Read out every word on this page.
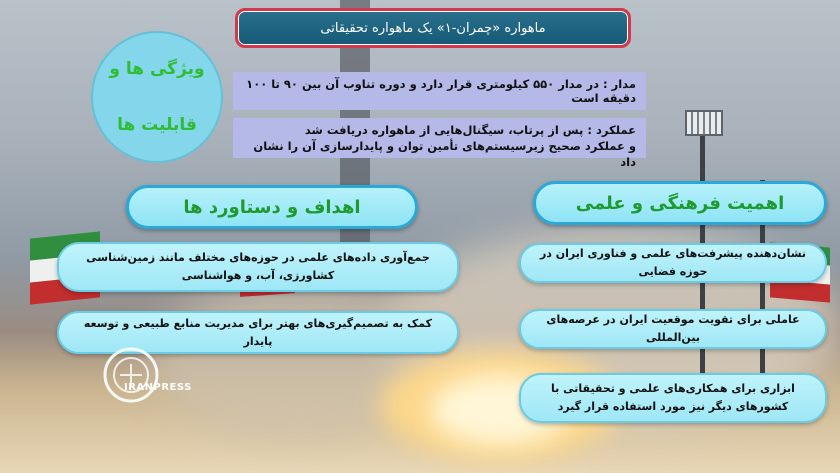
ماهواره «چمران-۱» یک ماهواره تحقیقاتی
ویژگی ها و
قابلیت ها
مدار : در مدار ۵۵۰ کیلومتری قرار دارد و دوره تناوب آن بین ۹۰ تا ۱۰۰ دقیقه است
عملکرد : پس از پرتاب، سیگنال‌هایی از ماهواره دریافت شد
و عملکرد صحیح زیرسیستم‌های تأمین توان و پایدارسازی آن را نشان داد
اهداف و دستاورد ها	اهمیت فرهنگی و علمی
جمع‌آوری داده‌های علمی در حوزه‌های مختلف مانند زمین‌شناسی کشاورزی، آب، و هواشناسی
کمک به تصمیم‌گیری‌های بهتر برای مدیریت منابع طبیعی و توسعه پایدار
نشان‌دهنده پیشرفت‌های علمی و فناوری ایران در حوزه فضایی
عاملی برای تقویت موقعیت ایران در عرصه‌های بین‌المللی
ابزاری برای همکاری‌های علمی و تحقیقاتی با کشورهای دیگر نیز مورد استفاده قرار گیرد
IRANPRESS
